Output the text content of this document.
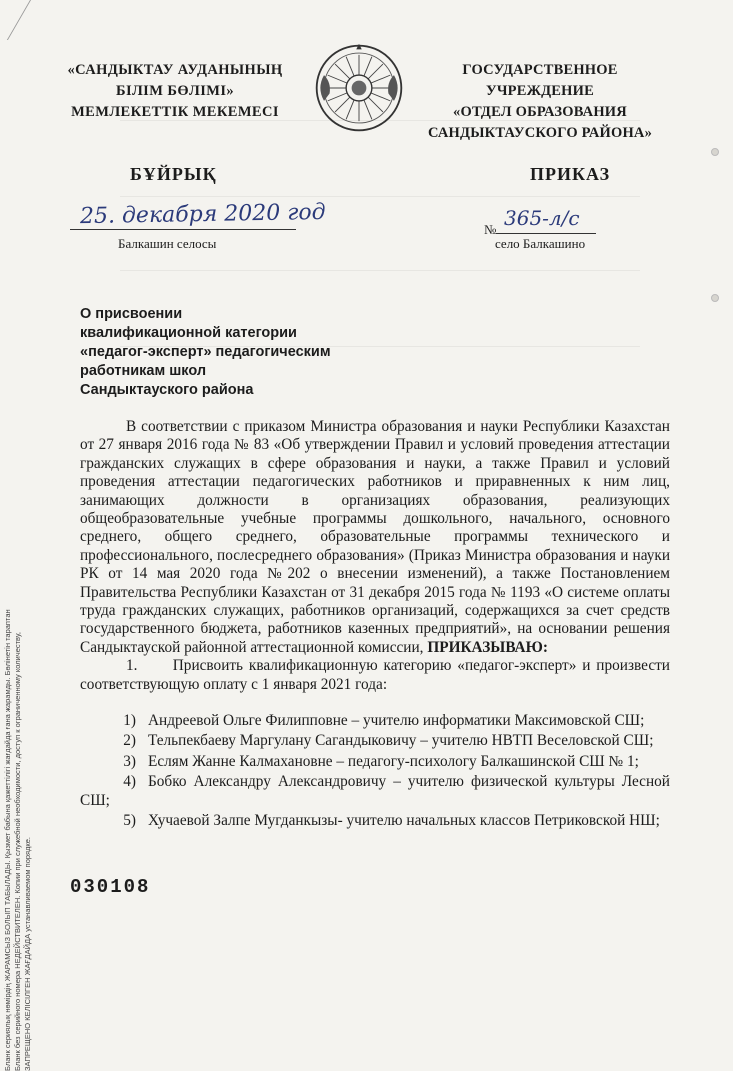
«САНДЫКТАУ АУДАНЫНЫҢ
БІЛІМ БӨЛІМІ»
МЕМЛЕКЕТТІК МЕКЕМЕСІ
ГОСУДАРСТВЕННОЕ УЧРЕЖДЕНИЕ
«ОТДЕЛ ОБРАЗОВАНИЯ
САНДЫКТАУСКОГО РАЙОНА»
БҰЙРЫҚ	ПРИКАЗ
25. декабря 2020 год
Балкашин селосы
№ 365-л/с
село Балкашино
О присвоении
квалификационной категории
«педагог-эксперт» педагогическим
работникам школ
Сандыктауского района

В соответствии с приказом Министра образования и науки Республики Казахстан от 27 января 2016 года № 83 «Об утверждении Правил и условий проведения аттестации гражданских служащих в сфере образования и науки, а также Правил и условий проведения аттестации педагогических работников и приравненных к ним лиц, занимающих должности в организациях образования, реализующих общеобразовательные учебные программы дошкольного, начального, основного среднего, общего среднего, образовательные программы технического и профессионального, послесреднего образования» (Приказ Министра образования и науки РК от 14 мая 2020 года №202 о внесении изменений), а также Постановлением Правительства Республики Казахстан от 31 декабря 2015 года № 1193 «О системе оплаты труда гражданских служащих, работников организаций, содержащихся за счет средств государственного бюджета, работников казенных предприятий», на основании решения Сандыктауской районной аттестационной комиссии, ПРИКАЗЫВАЮ:

1.      Присвоить квалификационную категорию «педагог-эксперт» и произвести соответствующую оплату с 1 января 2021 года:

1) Андреевой Ольге Филипповне – учителю информатики Максимовской СШ;
2) Тельпекбаеву Маргулану Сагандыковичу – учителю НВТП Веселовской СШ;
3) Еслям Жанне Калмахановне – педагогу-психологу Балкашинской СШ № 1;
4) Бобко Александру Александровичу – учителю физической культуры Лесной СШ;
5) Хучаевой Залпе Мугданкызы- учителю начальных классов Петриковской НШ;
030108
Бланк сериялық нөмірдің ЖАРАМСЫЗ БОЛЫП ТАБЫЛАДЫ. Қызмет бабына қажеттілігі жағдайда ғана жарамды. Бөлінетін тараптан Бланк без серийного номера НЕДЕЙСТВИТЕЛЕН. Копии при служебной необходимости, доступ к ограниченному количеству, ЗАПРЕЩЕНО КЕЛІСІЛГЕН ЖАҒДАЙДА устанавливаемом порядке.
